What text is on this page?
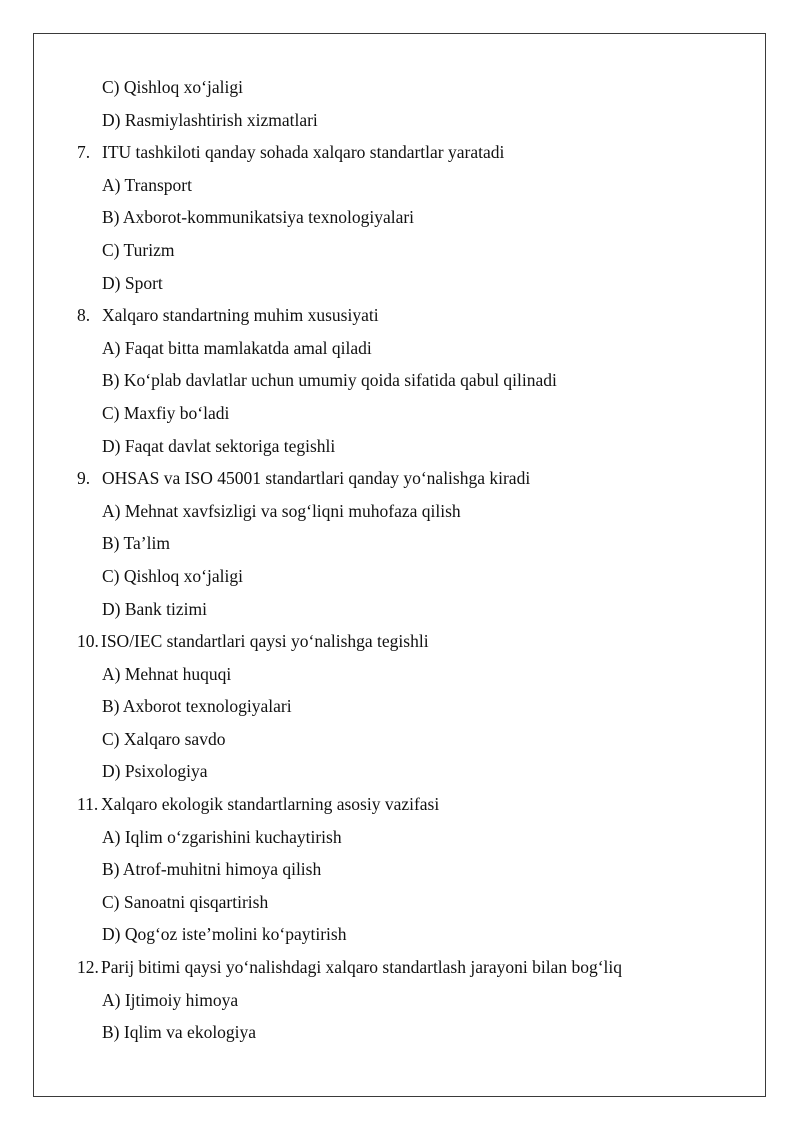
C) Qishloq xo‘jaligi
D) Rasmiylashtirish xizmatlari
7. ITU tashkiloti qanday sohada xalqaro standartlar yaratadi
A) Transport
B) Axborot-kommunikatsiya texnologiyalari
C) Turizm
D) Sport
8. Xalqaro standartning muhim xususiyati
A) Faqat bitta mamlakatda amal qiladi
B) Ko‘plab davlatlar uchun umumiy qoida sifatida qabul qilinadi
C) Maxfiy bo‘ladi
D) Faqat davlat sektoriga tegishli
9. OHSAS va ISO 45001 standartlari qanday yo‘nalishga kiradi
A) Mehnat xavfsizligi va sog‘liqni muhofaza qilish
B) Ta’lim
C) Qishloq xo‘jaligi
D) Bank tizimi
10. ISO/IEC standartlari qaysi yo‘nalishga tegishli
A) Mehnat huquqi
B) Axborot texnologiyalari
C) Xalqaro savdo
D) Psixologiya
11. Xalqaro ekologik standartlarning asosiy vazifasi
A) Iqlim o‘zgarishini kuchaytirish
B) Atrof-muhitni himoya qilish
C) Sanoatni qisqartirish
D) Qog‘oz iste’molini ko‘paytirish
12. Parij bitimi qaysi yo‘nalishdagi xalqaro standartlash jarayoni bilan bog‘liq
A) Ijtimoiy himoya
B) Iqlim va ekologiya
